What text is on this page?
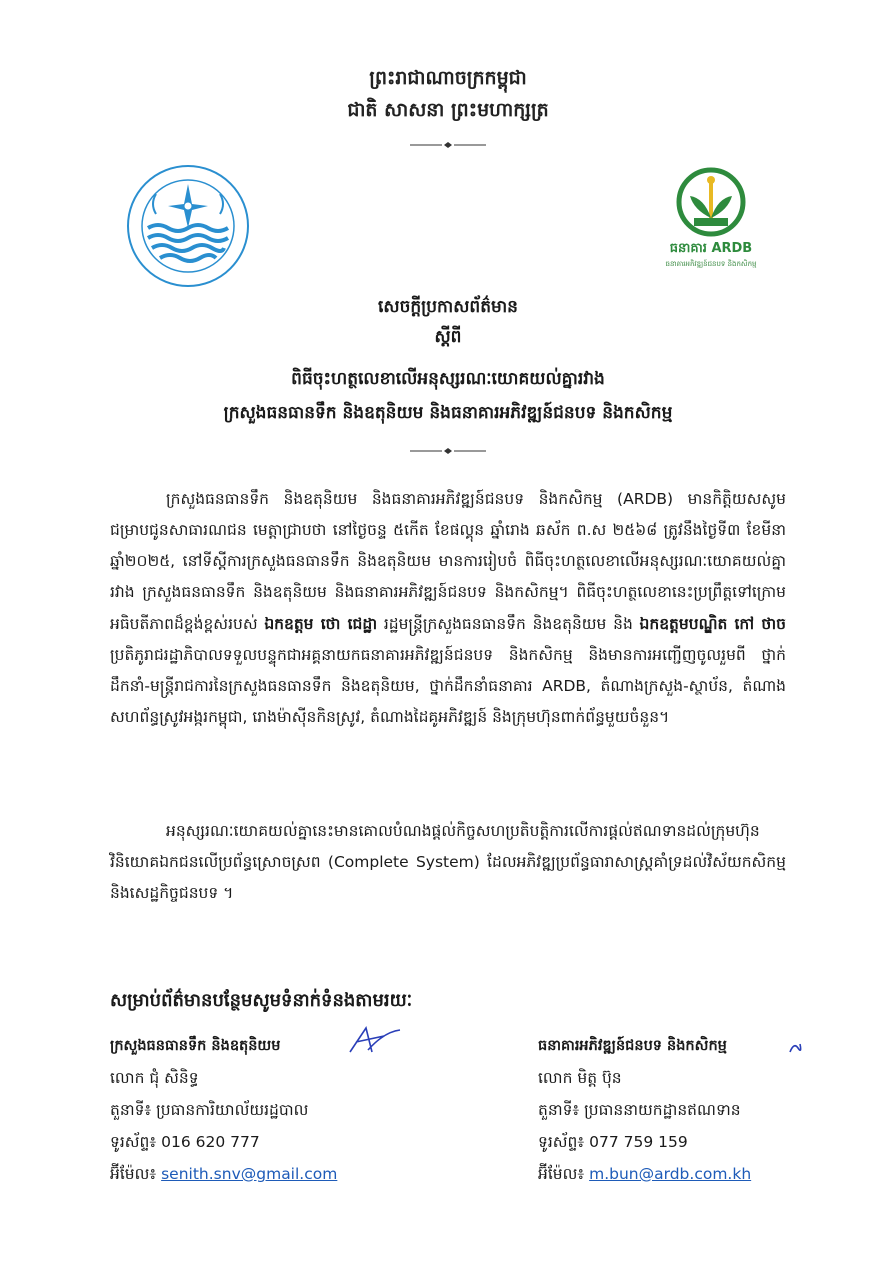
ព្រះរាជាណាចក្រកម្ពុជា
ជាតិ សាសនា ព្រះមហាក្សត្រ
ធនាគារ ARDB
ធនាគារអភិវឌ្ឍន៍ជនបទ និងកសិកម្ម
សេចក្តីប្រកាសព័ត៌មាន
ស្តីពី
ពិធីចុះហត្ថលេខាលើអនុស្សរណៈយោគយល់គ្នារវាង
ក្រសួងធនធានទឹក និងឧតុនិយម និងធនាគារអភិវឌ្ឍន៍ជនបទ និងកសិកម្ម
ក្រសួងធនធានទឹក និងឧតុនិយម និងធនាគារអភិវឌ្ឍន៍ជនបទ និងកសិកម្ម (ARDB) មានកិត្តិយសសូមជម្រាបជូនសាធារណជន មេត្តាជ្រាបថា នៅថ្ងៃចន្ទ ៥កើត ខែផល្គុន ឆ្នាំរោង ឆស័ក ព.ស ២៥៦៨ ត្រូវនឹងថ្ងៃទី៣ ខែមីនា ឆ្នាំ២០២៥, នៅទីស្តីការក្រសួងធនធានទឹក និងឧតុនិយម មានការរៀបចំ ពិធីចុះហត្ថលេខាលើអនុស្សរណៈយោគយល់គ្នារវាង ក្រសួងធនធានទឹក និងឧតុនិយម និងធនាគារអភិវឌ្ឍន៍ជនបទ និងកសិកម្ម។ ពិធីចុះហត្ថលេខានេះប្រព្រឹត្តទៅក្រោមអធិបតីភាពដ៏ខ្ពង់ខ្ពស់របស់ ឯកឧត្តម ថោ ជេដ្ឋា រដ្ឋមន្ត្រីក្រសួងធនធានទឹក និងឧតុនិយម និង ឯកឧត្តមបណ្ឌិត កៅ ថាច ប្រតិភូរាជរដ្ឋាភិបាលទទួលបន្ទុកជាអគ្គនាយកធនាគារអភិវឌ្ឍន៍ជនបទ និងកសិកម្ម និងមានការអញ្ជើញចូលរួមពី ថ្នាក់ដឹកនាំ-មន្ត្រីរាជការនៃក្រសួងធនធានទឹក និងឧតុនិយម, ថ្នាក់ដឹកនាំធនាគារ ARDB, តំណាងក្រសួង-ស្ថាប័ន, តំណាងសហព័ន្ធស្រូវអង្ករកម្ពុជា, រោងម៉ាស៊ីនកិនស្រូវ, តំណាងដៃគូអភិវឌ្ឍន៍ និងក្រុមហ៊ុនពាក់ព័ន្ធមួយចំនួន។
អនុស្សរណៈយោគយល់គ្នានេះមានគោលបំណងផ្តល់កិច្ចសហប្រតិបត្តិការលើការផ្តល់ឥណទានដល់ក្រុមហ៊ុនវិនិយោគឯកជនលើប្រព័ន្ធស្រោចស្រព (Complete System) ដែលអភិវឌ្ឍប្រព័ន្ធធារាសាស្ត្រគាំទ្រដល់វិស័យកសិកម្ម និងសេដ្ឋកិច្ចជនបទ ។
សម្រាប់ព័ត៌មានបន្ថែមសូមទំនាក់ទំនងតាមរយៈ
ក្រសួងធនធានទឹក និងឧតុនិយម
លោក ជុំ សិនិទ្ធ
តួនាទី៖ ប្រធានការិយាល័យរដ្ឋបាល
ទូរស័ព្ទ៖ 016 620 777
អ៊ីម៉ែល៖ senith.snv@gmail.com
ធនាគារអភិវឌ្ឍន៍ជនបទ និងកសិកម្ម
លោក មិត្ត ប៊ុន
តួនាទី៖ ប្រធាននាយកដ្ឋានឥណទាន
ទូរស័ព្ទ៖ 077 759 159
អ៊ីម៉ែល៖ m.bun@ardb.com.kh
